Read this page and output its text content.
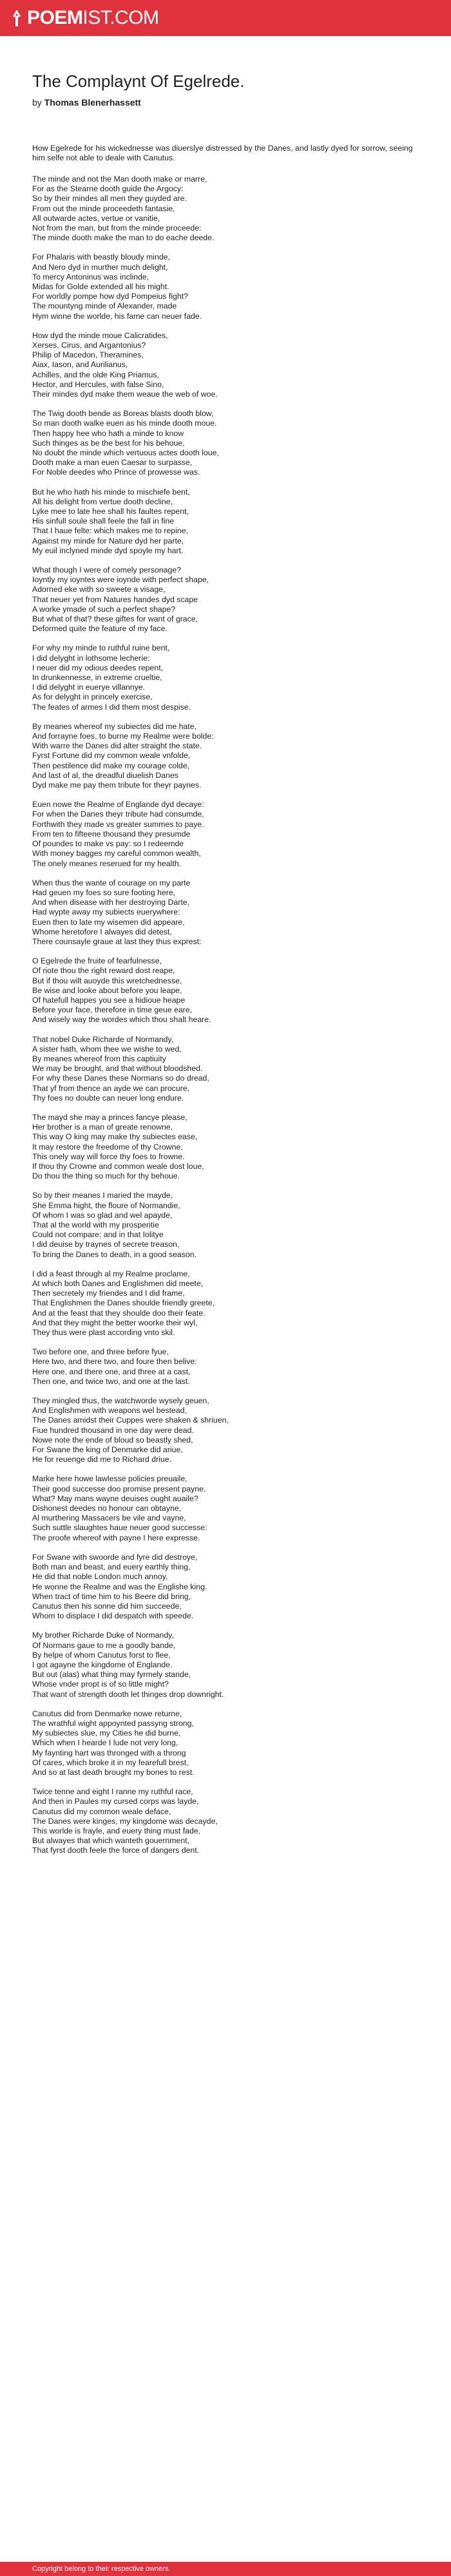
POEMIST.COM
The Complaynt Of Egelrede.
by Thomas Blenerhassett

How Egelrede for his wickednesse was diuerslye distressed by the Danes, and lastly dyed for sorrow, seeing him selfe not able to deale with Canutus.

The minde and not the Man dooth make or marre,
For as the Stearne dooth guide the Argocy:
So by their mindes all men they guyded are.
From out the minde proceedeth fantasie,
All outwarde actes, vertue or vanitie,
Not from the man, but from the minde proceede:
The minde dooth make the man to do eache deede.

For Phalaris with beastly bloudy minde,
And Nero dyd in murther much delight,
To mercy Antoninus was inclinde,
Midas for Golde extended all his might.
For worldly pompe how dyd Pompeius fight?
The mountyng minde of Alexander, made
Hym winne the worlde, his fame can neuer fade.

How dyd the minde moue Calicratides,
Xerses, Cirus, and Argantonius?
Philip of Macedon, Theramines,
Aiax, Iason, and Aurilianus,
Achilles, and the olde King Priamus,
Hector, and Hercules, with false Sino,
Their mindes dyd make them weaue the web of woe.

The Twig dooth bende as Boreas blasts dooth blow,
So man dooth walke euen as his minde dooth moue.
Then happy hee who hath a minde to know
Such thinges as be the best for his behoue,
No doubt the minde which vertuous actes dooth loue,
Dooth make a man euen Caesar to surpasse,
For Noble deedes who Prince of prowesse was.

But he who hath his minde to mischiefe bent,
All his delight from vertue dooth decline,
Lyke mee to late hee shall his faultes repent,
His sinfull soule shall feele the fall in fine
That I haue felte: which makes me to repine,
Against my minde for Nature dyd her parte,
My euil inclyned minde dyd spoyle my hart.

What though I were of comely personage?
Ioyntly my ioyntes were ioynde with perfect shape,
Adorned eke with so sweete a visage,
That neuer yet from Natures handes dyd scape
A worke ymade of such a perfect shape?
But what of that? these giftes for want of grace,
Deformed quite the feature of my face.

For why my minde to ruthful ruine bent,
I did delyght in lothsome lecherie:
I neuer did my odious deedes repent,
In drunkennesse, in extreme crueltie,
I did delyght in euerye villannye.
As for delyght in princely exercise,
The feates of armes I did them most despise.

By meanes whereof my subiectes did me hate,
And forrayne foes, to burne my Realme were bolde:
With warre the Danes did alter straight the state.
Fyrst Fortune did my common weale vnfolde,
Then pestilence did make my courage colde,
And last of al, the dreadful diuelish Danes
Dyd make me pay them tribute for theyr paynes.

Euen nowe the Realme of Englande dyd decaye:
For when the Danes theyr tribute had consumde,
Forthwith they made vs greater summes to paye.
From ten to fifteene thousand they presumde
Of poundes to make vs pay: so I redeemde
With money bagges my careful common wealth,
The onely meanes reserued for my health.

When thus the wante of courage on my parte
Had geuen my foes so sure footing here,
And when disease with her destroying Darte,
Had wypte away my subiects euerywhere:
Euen then to late my wisemen did appeare,
Whome heretofore I alwayes did detest,
There counsayle graue at last they thus exprest:

O Egelrede the fruite of fearfulnesse,
Of riote thou the right reward dost reape,
But if thou wilt auoyde this wretchednesse,
Be wise and looke about before you leape,
Of hatefull happes you see a hidioue heape
Before your face, therefore in time geue eare,
And wisely way the wordes which thou shalt heare.

That nobel Duke Richarde of Normandy,
A sister hath, whom thee we wishe to wed,
By meanes whereof from this captiuity
We may be brought, and that without bloodshed.
For why these Danes these Normans so do dread,
That yf from thence an ayde we can procure,
Thy foes no doubte can neuer long endure.

The mayd she may a princes fancye please,
Her brother is a man of greate renowne,
This way O king may make thy subiectes ease,
It may restore the freedome of thy Crowne,
This onely way will force thy foes to frowne.
If thou thy Crowne and common weale dost loue,
Do thou the thing so much for thy behoue.

So by their meanes I maried the mayde,
She Emma hight, the floure of Normandie,
Of whom I was so glad and wel apayde,
That al the world with my prosperitie
Could not compare: and in that Iolitye
I did deuise by traynes of secrete treason,
To bring the Danes to death, in a good season.

I did a feast through al my Realme proclame,
At which both Danes and Englishmen did meete,
Then secretely my friendes and I did frame,
That Englishmen the Danes shoulde friendly greete,
And at the feast that they shoulde doo their feate.
And that they might the better woorke their wyl,
They thus were plast according vnto skil.

Two before one, and three before fyue,
Here two, and there two, and foure then belive:
Here one, and there one, and three at a cast,
Then one, and twice two, and one at the last.

They mingled thus, the watchworde wysely geuen,
And Englishmen with weapons wel bestead,
The Danes amidst their Cuppes were shaken & shriuen,
Fiue hundred thousand in one day were dead.
Nowe note the ende of bloud so beastly shed,
For Swane the king of Denmarke did ariue,
He for reuenge did me to Richard driue.

Marke here howe lawlesse policies preuaile,
Their good successe doo promise present payne.
What? May mans wayne deuises ought auaile?
Dishonest deedes no honour can obtayne,
Al murthering Massacers be vile and vayne,
Such suttle slaughtes haue neuer good successe:
The proofe whereof with payne I here expresse.

For Swane with swoorde and fyre did destroye,
Both man and beast, and euery earthly thing,
He did that noble London much annoy,
He wonne the Realme and was the Englishe king.
When tract of time him to his Beere did bring,
Canutus then his sonne did him succeede,
Whom to displace I did despatch with speede.

My brother Richarde Duke of Normandy,
Of Normans gaue to me a goodly bande,
By helpe of whom Canutus forst to flee,
I got agayne the kingdome of Englande.
But out (alas) what thing may fyrmely stande,
Whose vnder propt is of so little might?
That want of strength dooth let thinges drop downright.

Canutus did from Denmarke nowe returne,
The wrathful wight appoynted passyng strong,
My subiectes slue, my Cities he did burne,
Which when I hearde I lude not very long,
My faynting hart was thronged with a throng
Of cares, which broke it in my fearefull brest,
And so at last death brought my bones to rest.

Twice tenne and eight I ranne my ruthful race,
And then in Paules my cursed corps was layde,
Canutus did my common weale deface,
The Danes were kinges, my kingdome was decayde,
This worlde is frayle, and euery thing must fade,
But alwayes that which wanteth gouernment,
That fyrst dooth feele the force of dangers dent.

Copyright belong to their respective owners.
